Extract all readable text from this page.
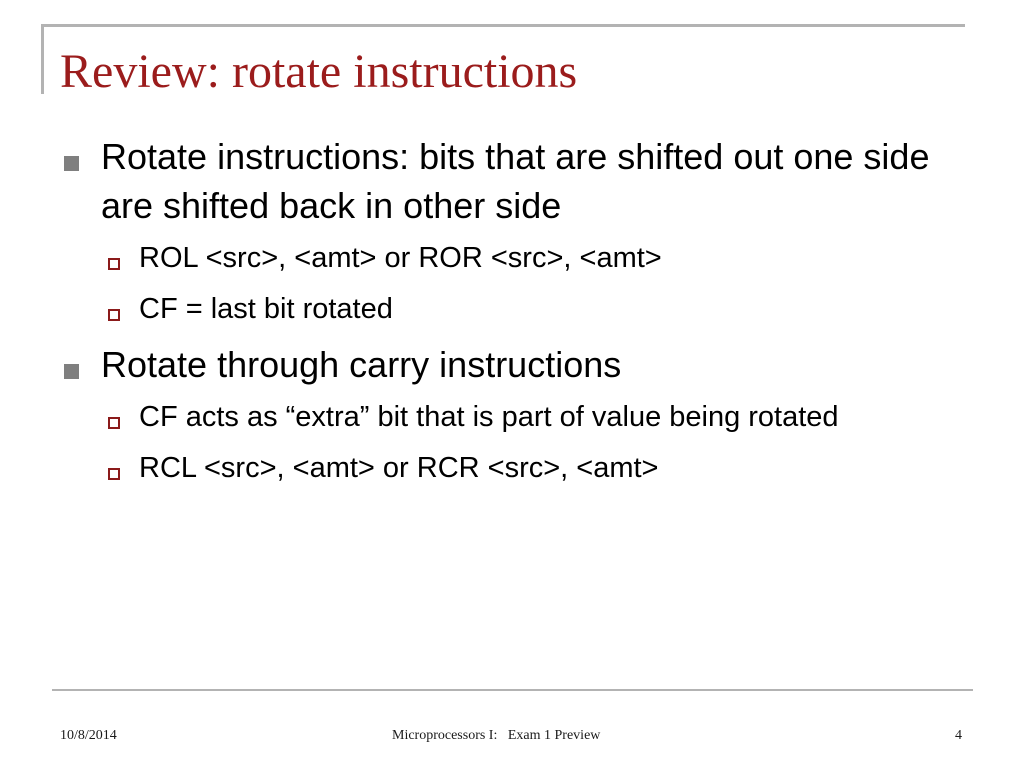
Review: rotate instructions
Rotate instructions: bits that are shifted out one side are shifted back in other side
ROL <src>, <amt> or ROR <src>, <amt>
CF = last bit rotated
Rotate through carry instructions
CF acts as “extra” bit that is part of value being rotated
RCL <src>, <amt> or RCR <src>, <amt>
10/8/2014	Microprocessors I:   Exam 1 Preview	4
